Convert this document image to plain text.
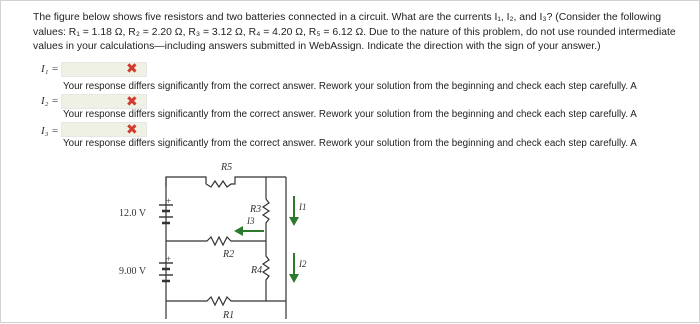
The figure below shows five resistors and two batteries connected in a circuit. What are the currents I₁, I₂, and I₃? (Consider the following values: R₁ = 1.18 Ω, R₂ = 2.20 Ω, R₃ = 3.12 Ω, R₄ = 4.20 Ω, R₅ = 6.12 Ω. Due to the nature of this problem, do not use rounded intermediate values in your calculations—including answers submitted in WebAssign. Indicate the direction with the sign of your answer.)
I₁ =	✖
Your response differs significantly from the correct answer. Rework your solution from the beginning and check each step carefully. A
I₂ =	✖
Your response differs significantly from the correct answer. Rework your solution from the beginning and check each step carefully. A
I₃ =	✖
Your response differs significantly from the correct answer. Rework your solution from the beginning and check each step carefully. A
+
+
12.0 V
9.00 V
R5
R3
R2
R4
R1
I1
I2
I3
